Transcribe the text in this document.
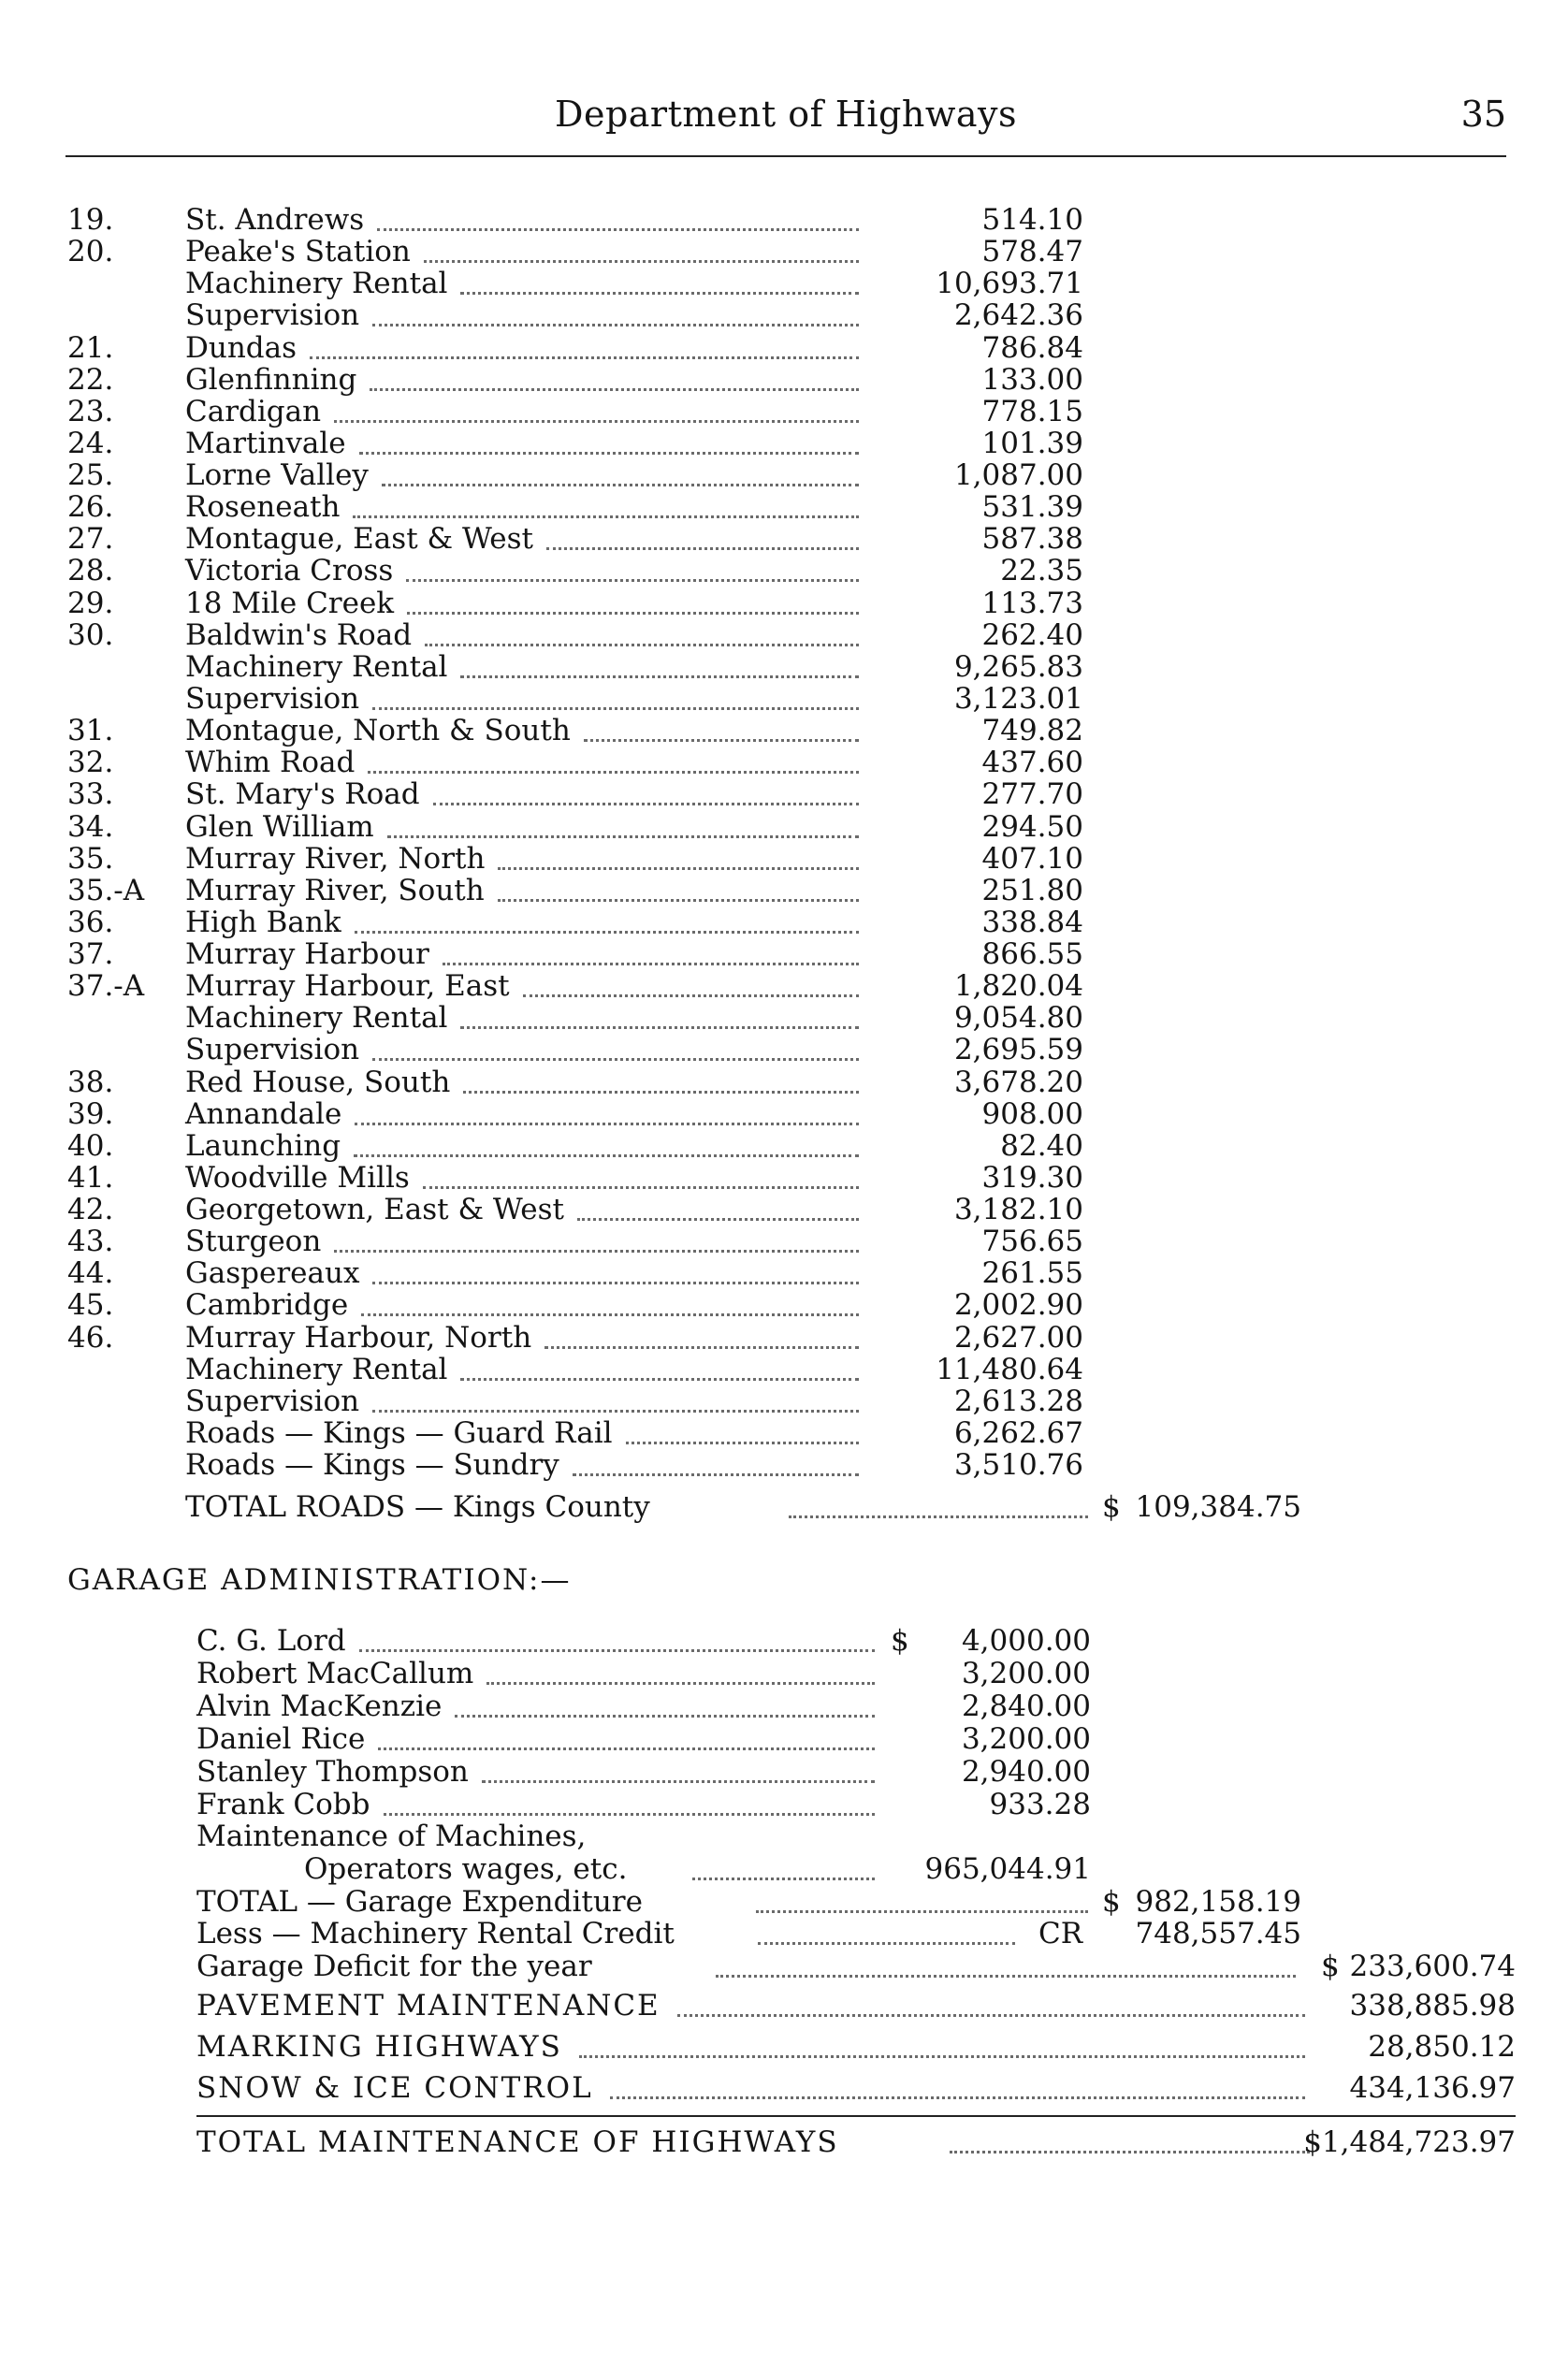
Department of Highways	35
19. St. Andrews	514.10
20. Peake's Station	578.47
Machinery Rental	10,693.71
Supervision	2,642.36
21. Dundas	786.84
22. Glenfinning	133.00
23. Cardigan	778.15
24. Martinvale	101.39
25. Lorne Valley	1,087.00
26. Roseneath	531.39
27. Montague, East & West	587.38
28. Victoria Cross	22.35
29. 18 Mile Creek	113.73
30. Baldwin's Road	262.40
Machinery Rental	9,265.83
Supervision	3,123.01
31. Montague, North & South	749.82
32. Whim Road	437.60
33. St. Mary's Road	277.70
34. Glen William	294.50
35. Murray River, North	407.10
35.-A Murray River, South	251.80
36. High Bank	338.84
37. Murray Harbour	866.55
37.-A Murray Harbour, East	1,820.04
Machinery Rental	9,054.80
Supervision	2,695.59
38. Red House, South	3,678.20
39. Annandale	908.00
40. Launching	82.40
41. Woodville Mills	319.30
42. Georgetown, East & West	3,182.10
43. Sturgeon	756.65
44. Gaspereaux	261.55
45. Cambridge	2,002.90
46. Murray Harbour, North	2,627.00
Machinery Rental	11,480.64
Supervision	2,613.28
Roads — Kings — Guard Rail	6,262.67
Roads — Kings — Sundry	3,510.76
TOTAL ROADS — Kings County	$ 109,384.75
GARAGE ADMINISTRATION:—
C. G. Lord	$ 4,000.00
Robert MacCallum	3,200.00
Alvin MacKenzie	2,840.00
Daniel Rice	3,200.00
Stanley Thompson	2,940.00
Frank Cobb	933.28
Maintenance of Machines,
Operators wages, etc.	965,044.91
TOTAL — Garage Expenditure	$ 982,158.19
Less — Machinery Rental Credit	CR 748,557.45
Garage Deficit for the year	$ 233,600.74
PAVEMENT MAINTENANCE	338,885.98
MARKING HIGHWAYS	28,850.12
SNOW & ICE CONTROL	434,136.97
TOTAL MAINTENANCE OF HIGHWAYS	$1,484,723.97
